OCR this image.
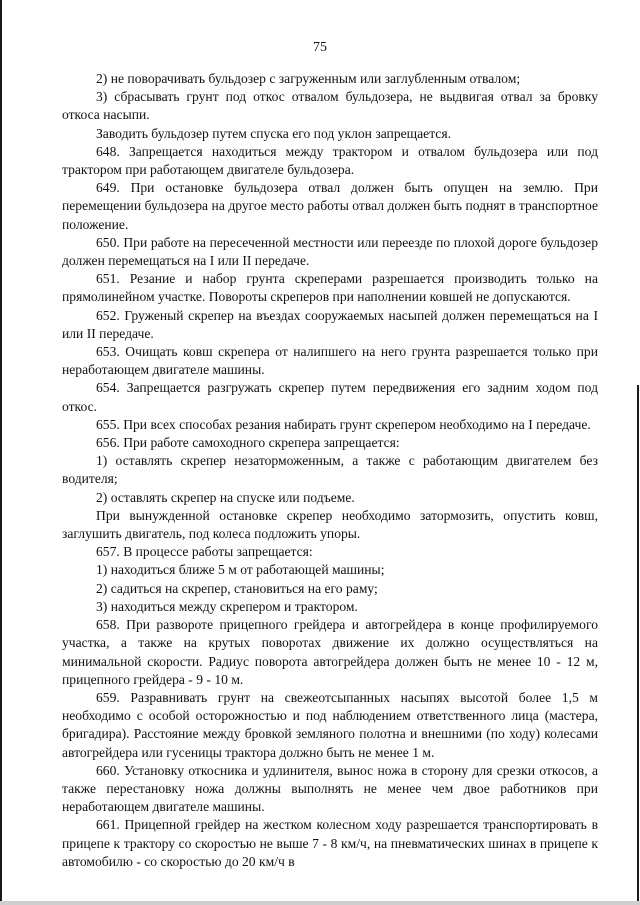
75

2) не поворачивать бульдозер с загруженным или заглубленным отвалом;

3) сбрасывать грунт под откос отвалом бульдозера, не выдвигая отвал за бровку откоса насыпи.

Заводить бульдозер путем спуска его под уклон запрещается.

648. Запрещается находиться между трактором и отвалом бульдозера или под трактором при работающем двигателе бульдозера.

649. При остановке бульдозера отвал должен быть опущен на землю. При перемещении бульдозера на другое место работы отвал должен быть поднят в транспортное положение.

650. При работе на пересеченной местности или переезде по плохой дороге бульдозер должен перемещаться на I или II передаче.

651. Резание и набор грунта скреперами разрешается производить только на прямолинейном участке. Повороты скреперов при наполнении ковшей не допускаются.

652. Груженый скрепер на въездах сооружаемых насыпей должен перемещаться на I или II передаче.

653. Очищать ковш скрепера от налипшего на него грунта разрешается только при неработающем двигателе машины.

654. Запрещается разгружать скрепер путем передвижения его задним ходом под откос.

655. При всех способах резания набирать грунт скрепером необходимо на I передаче.

656. При работе самоходного скрепера запрещается:

1) оставлять скрепер незаторможенным, а также с работающим двигателем без водителя;

2) оставлять скрепер на спуске или подъеме.

При вынужденной остановке скрепер необходимо затормозить, опустить ковш, заглушить двигатель, под колеса подложить упоры.

657. В процессе работы запрещается:

1) находиться ближе 5 м от работающей машины;

2) садиться на скрепер, становиться на его раму;

3) находиться между скрепером и трактором.

658. При развороте прицепного грейдера и автогрейдера в конце профилируемого участка, а также на крутых поворотах движение их должно осуществляться на минимальной скорости. Радиус поворота автогрейдера должен быть не менее 10 - 12 м, прицепного грейдера - 9 - 10 м.

659. Разравнивать грунт на свежеотсыпанных насыпях высотой более 1,5 м необходимо с особой осторожностью и под наблюдением ответственного лица (мастера, бригадира). Расстояние между бровкой земляного полотна и внешними (по ходу) колесами автогрейдера или гусеницы трактора должно быть не менее 1 м.

660. Установку откосника и удлинителя, вынос ножа в сторону для срезки откосов, а также перестановку ножа должны выполнять не менее чем двое работников при неработающем двигателе машины.

661. Прицепной грейдер на жестком колесном ходу разрешается транспортировать в прицепе к трактору со скоростью не выше 7 - 8 км/ч, на пневматических шинах в прицепе к автомобилю - со скоростью до 20 км/ч в
